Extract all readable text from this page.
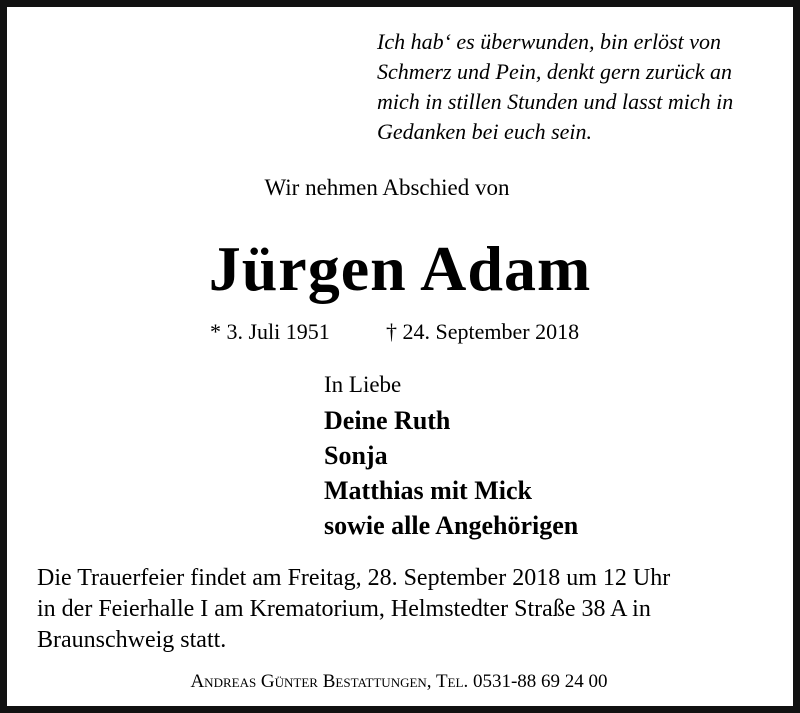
Ich hab‘ es überwunden, bin erlöst von
Schmerz und Pein, denkt gern zurück an
mich in stillen Stunden und lasst mich in
Gedanken bei euch sein.
Wir nehmen Abschied von
Jürgen Adam
* 3. Juli 1951	† 24. September 2018
In Liebe
Deine Ruth
Sonja
Matthias mit Mick
sowie alle Angehörigen
Die Trauerfeier findet am Freitag, 28. September 2018 um 12 Uhr
in der Feierhalle I am Krematorium, Helmstedter Straße 38 A in
Braunschweig statt.
Andreas Günter Bestattungen, Tel. 0531-88 69 24 00
